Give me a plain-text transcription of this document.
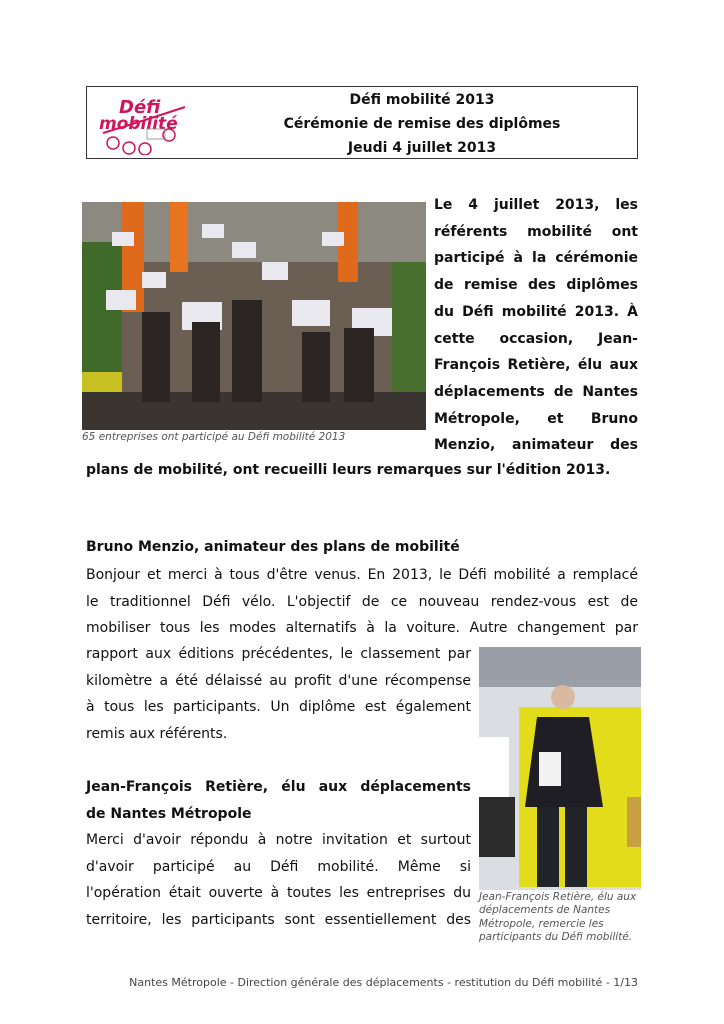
Défi
mobilité
Défi mobilité 2013
Cérémonie de remise des diplômes
Jeudi 4 juillet 2013
65 entreprises ont participé au Défi mobilité 2013
Le 4 juillet 2013, les
référents mobilité ont
participé à la cérémonie
de remise des diplômes
du Défi mobilité 2013. À
cette occasion, Jean-
François Retière, élu aux
déplacements de Nantes
Métropole, et Bruno
Menzio, animateur des
plans de mobilité, ont recueilli leurs remarques sur l'édition 2013.
Bruno Menzio, animateur des plans de mobilité
Bonjour et merci à tous d'être venus. En 2013, le Défi mobilité a remplacé
le traditionnel Défi vélo. L'objectif de ce nouveau rendez-vous est de
mobiliser tous les modes alternatifs à la voiture. Autre changement par
rapport aux éditions précédentes, le classement par
kilomètre a été délaissé au profit d'une récompense
à tous les participants. Un diplôme est également
remis aux référents.
Jean-François Retière, élu aux déplacements
de Nantes Métropole
Merci d'avoir répondu à notre invitation et surtout
d'avoir participé au Défi mobilité. Même si
l'opération était ouverte à toutes les entreprises du
territoire, les participants sont essentiellement des
Jean-François Retière, élu aux déplacements de Nantes Métropole, remercie les participants du Défi mobilité.
Nantes Métropole - Direction générale des déplacements - restitution du Défi mobilité - 1/13
